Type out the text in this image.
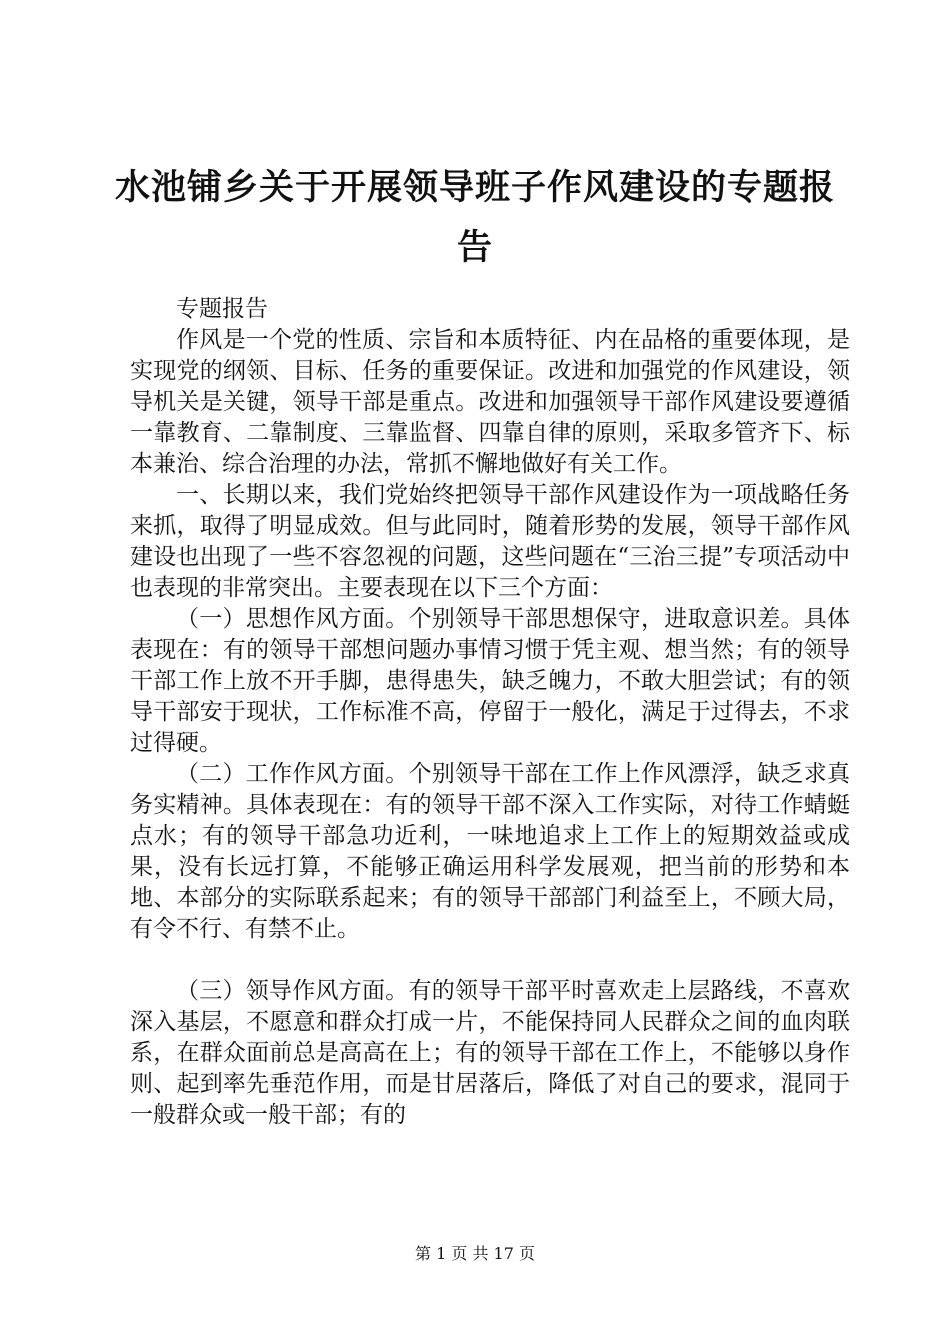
水池铺乡关于开展领导班子作风建设的专题报告

专题报告

作风是一个党的性质、宗旨和本质特征、内在品格的重要体现，是实现党的纲领、目标、任务的重要保证。改进和加强党的作风建设，领导机关是关键，领导干部是重点。改进和加强领导干部作风建设要遵循一靠教育、二靠制度、三靠监督、四靠自律的原则，采取多管齐下、标本兼治、综合治理的办法，常抓不懈地做好有关工作。

一、长期以来，我们党始终把领导干部作风建设作为一项战略任务来抓，取得了明显成效。但与此同时，随着形势的发展，领导干部作风建设也出现了一些不容忽视的问题，这些问题在“三治三提”专项活动中也表现的非常突出。主要表现在以下三个方面：

（一）思想作风方面。个别领导干部思想保守，进取意识差。具体表现在：有的领导干部想问题办事情习惯于凭主观、想当然；有的领导干部工作上放不开手脚，患得患失，缺乏魄力，不敢大胆尝试；有的领导干部安于现状，工作标准不高，停留于一般化，满足于过得去，不求过得硬。

（二）工作作风方面。个别领导干部在工作上作风漂浮，缺乏求真务实精神。具体表现在：有的领导干部不深入工作实际，对待工作蜻蜓点水；有的领导干部急功近利，一味地追求上工作上的短期效益或成果，没有长远打算，不能够正确运用科学发展观，把当前的形势和本地、本部分的实际联系起来；有的领导干部部门利益至上，不顾大局，有令不行、有禁不止。

（三）领导作风方面。有的领导干部平时喜欢走上层路线，不喜欢深入基层，不愿意和群众打成一片，不能保持同人民群众之间的血肉联系，在群众面前总是高高在上；有的领导干部在工作上，不能够以身作则、起到率先垂范作用，而是甘居落后，降低了对自己的要求，混同于一般群众或一般干部；有的

第 1 页 共 17 页
